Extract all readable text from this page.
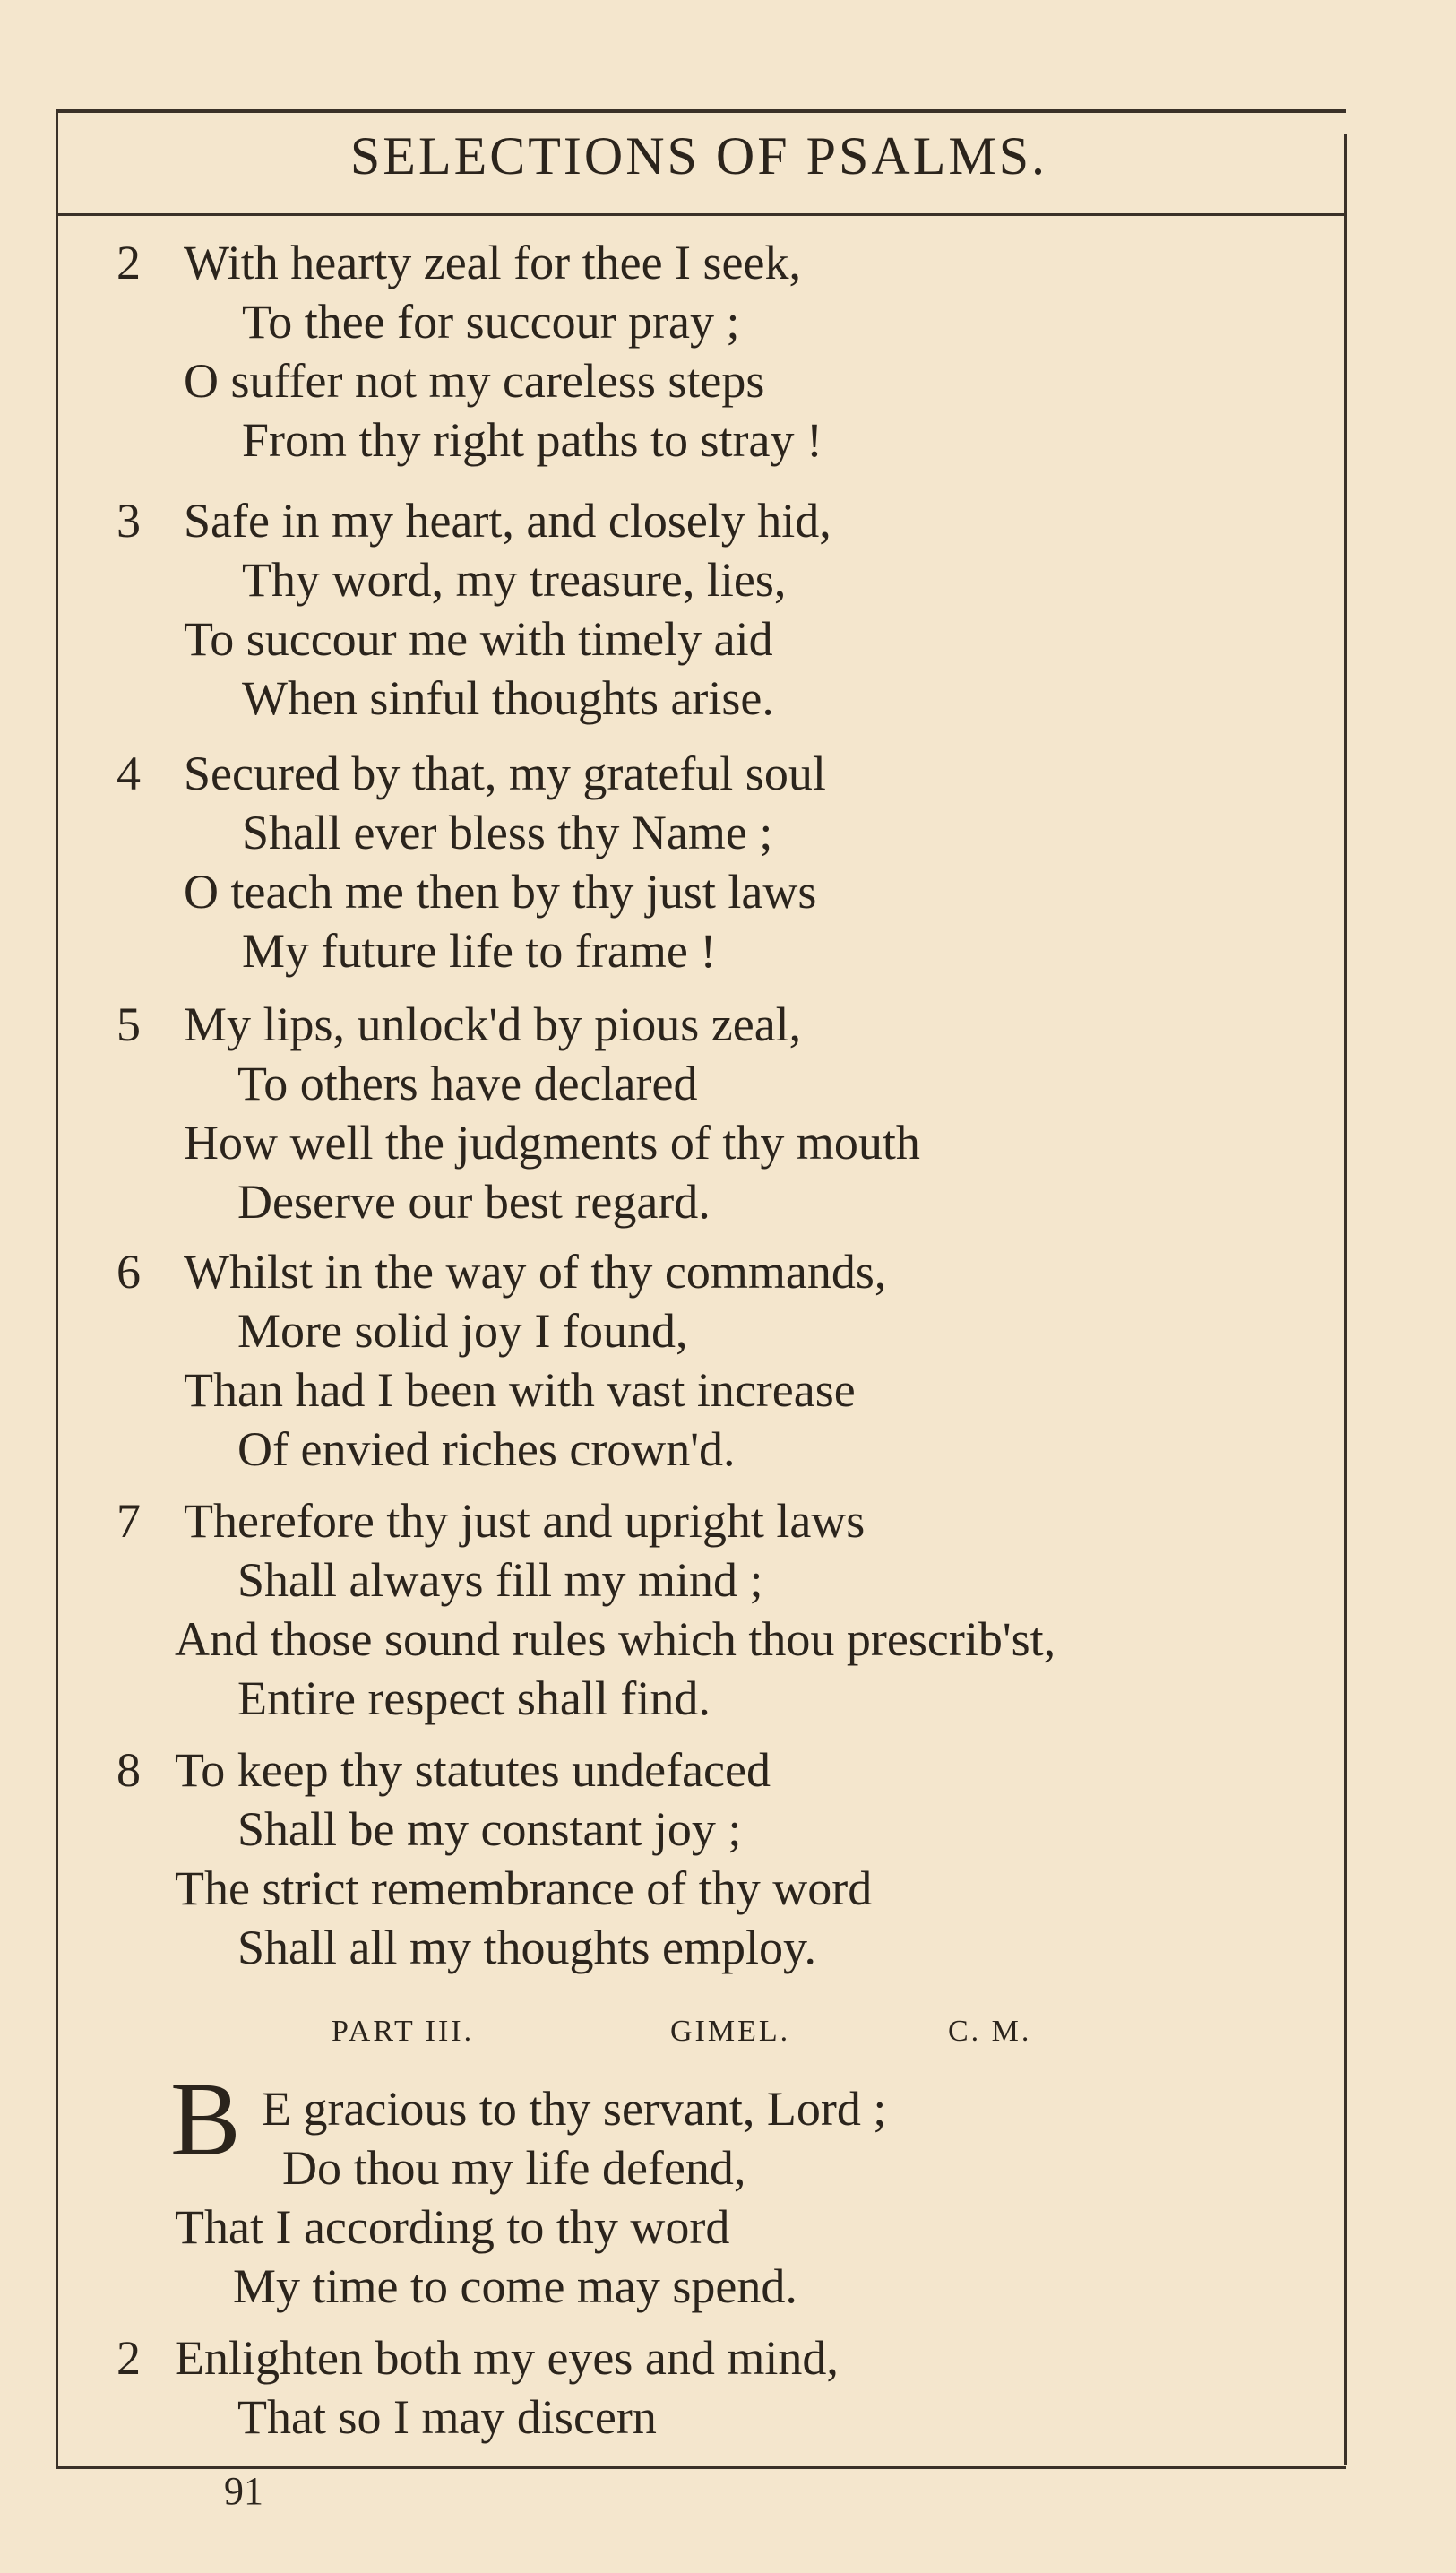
SELECTIONS OF PSALMS.
2 With hearty zeal for thee I seek,
To thee for succour pray ;
O suffer not my careless steps
From thy right paths to stray !
3 Safe in my heart, and closely hid,
Thy word, my treasure, lies,
To succour me with timely aid
When sinful thoughts arise.
4 Secured by that, my grateful soul
Shall ever bless thy Name ;
O teach me then by thy just laws
My future life to frame !
5 My lips, unlock'd by pious zeal,
To others have declared
How well the judgments of thy mouth
Deserve our best regard.
6 Whilst in the way of thy commands,
More solid joy I found,
Than had I been with vast increase
Of envied riches crown'd.
7 Therefore thy just and upright laws
Shall always fill my mind ;
And those sound rules which thou prescrib'st,
Entire respect shall find.
8 To keep thy statutes undefaced
Shall be my constant joy ;
The strict remembrance of thy word
Shall all my thoughts employ.
PART III.	GIMEL.	C. M.
B E gracious to thy servant, Lord ;
Do thou my life defend,
That I according to thy word
My time to come may spend.
2 Enlighten both my eyes and mind,
That so I may discern
91
